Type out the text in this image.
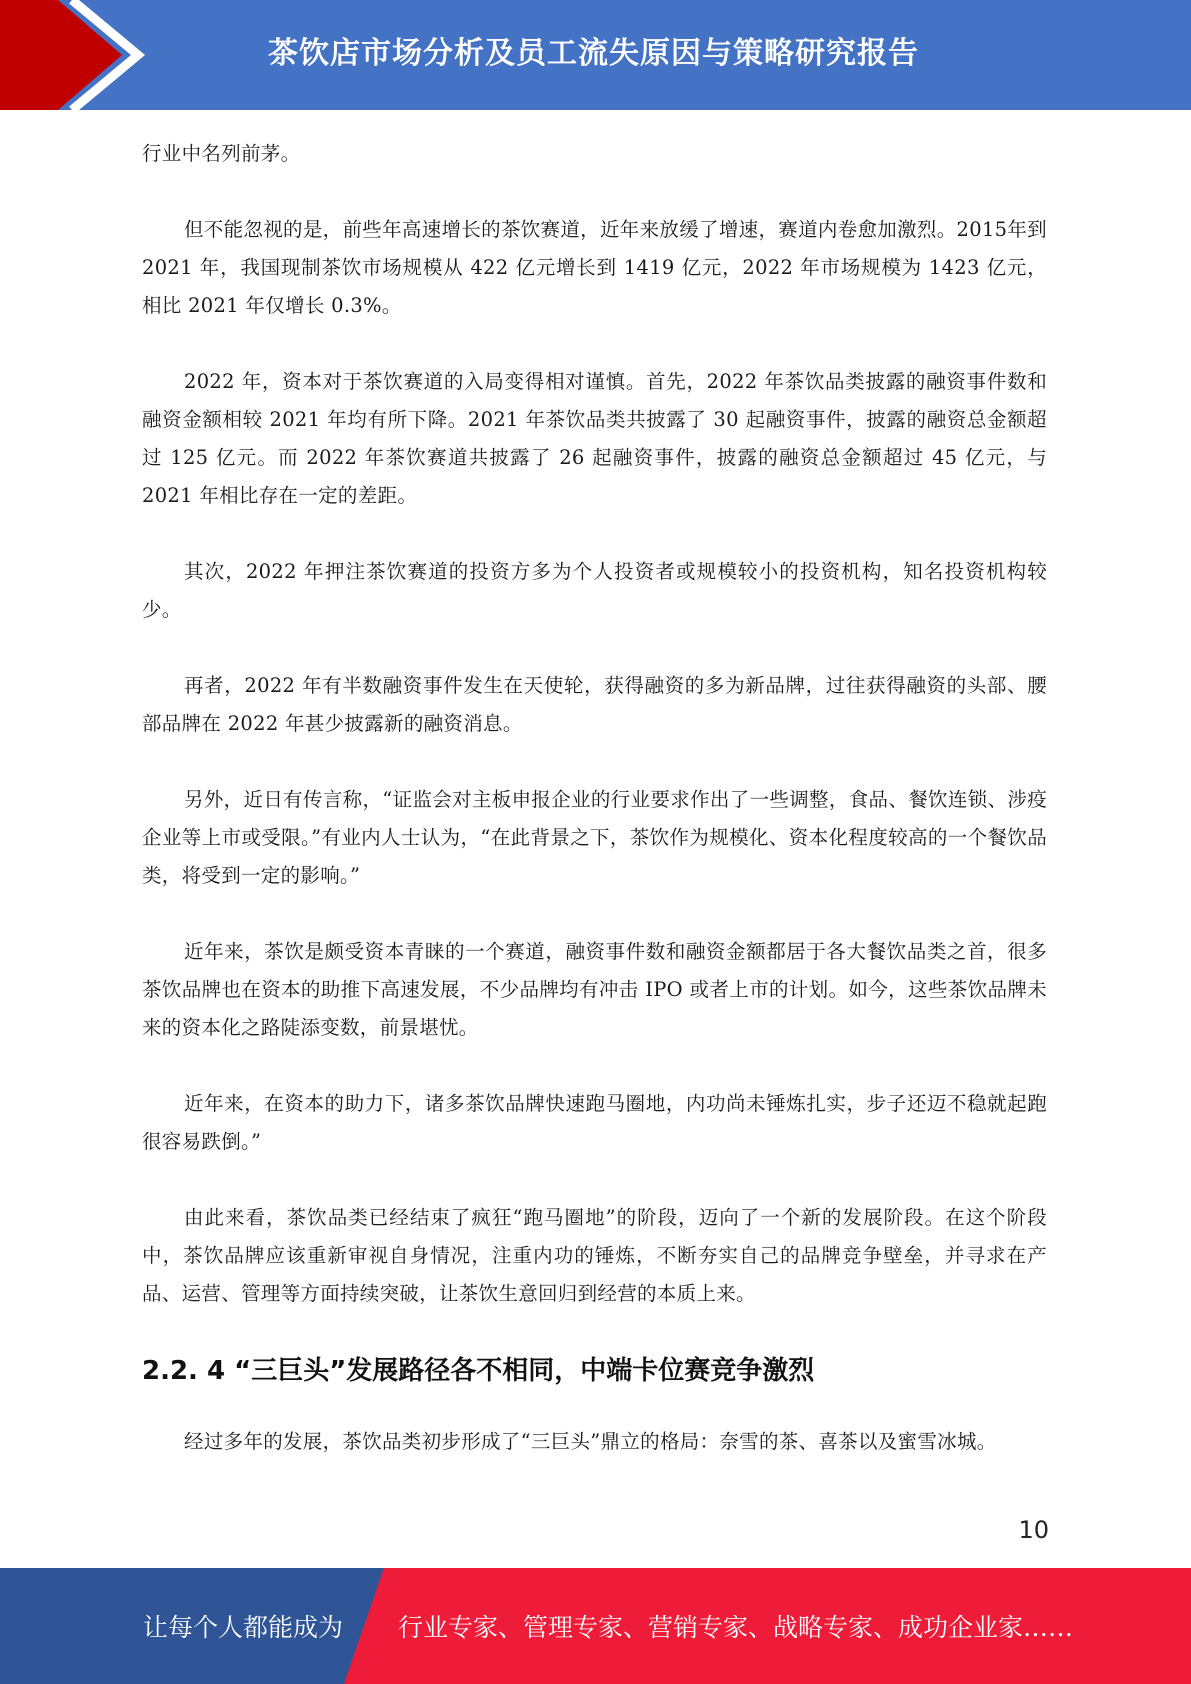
茶饮店市场分析及员工流失原因与策略研究报告

行业中名列前茅。

但不能忽视的是，前些年高速增长的茶饮赛道，近年来放缓了增速，赛道内卷愈加激烈。2015年到 2021 年，我国现制茶饮市场规模从 422 亿元增长到 1419 亿元，2022 年市场规模为 1423 亿元，相比 2021 年仅增长 0.3%。

2022 年，资本对于茶饮赛道的入局变得相对谨慎。首先，2022 年茶饮品类披露的融资事件数和融资金额相较 2021 年均有所下降。2021 年茶饮品类共披露了 30 起融资事件，披露的融资总金额超过 125 亿元。而 2022 年茶饮赛道共披露了 26 起融资事件，披露的融资总金额超过 45 亿元，与 2021 年相比存在一定的差距。

其次，2022 年押注茶饮赛道的投资方多为个人投资者或规模较小的投资机构，知名投资机构较少。

再者，2022 年有半数融资事件发生在天使轮，获得融资的多为新品牌，过往获得融资的头部、腰部品牌在 2022 年甚少披露新的融资消息。

另外，近日有传言称，“证监会对主板申报企业的行业要求作出了一些调整，食品、餐饮连锁、涉疫企业等上市或受限。”有业内人士认为，“在此背景之下，茶饮作为规模化、资本化程度较高的一个餐饮品类，将受到一定的影响。”

近年来，茶饮是颇受资本青睐的一个赛道，融资事件数和融资金额都居于各大餐饮品类之首，很多茶饮品牌也在资本的助推下高速发展，不少品牌均有冲击 IPO 或者上市的计划。如今，这些茶饮品牌未来的资本化之路陡添变数，前景堪忧。

近年来，在资本的助力下，诸多茶饮品牌快速跑马圈地，内功尚未锤炼扎实，步子还迈不稳就起跑很容易跌倒。”

由此来看，茶饮品类已经结束了疯狂“跑马圈地”的阶段，迈向了一个新的发展阶段。在这个阶段中，茶饮品牌应该重新审视自身情况，注重内功的锤炼，不断夯实自己的品牌竞争壁垒，并寻求在产品、运营、管理等方面持续突破，让茶饮生意回归到经营的本质上来。

2.2. 4 “三巨头”发展路径各不相同，中端卡位赛竞争激烈

经过多年的发展，茶饮品类初步形成了“三巨头”鼎立的格局：奈雪的茶、喜茶以及蜜雪冰城。

10
让每个人都能成为 行业专家、管理专家、营销专家、战略专家、成功企业家……
